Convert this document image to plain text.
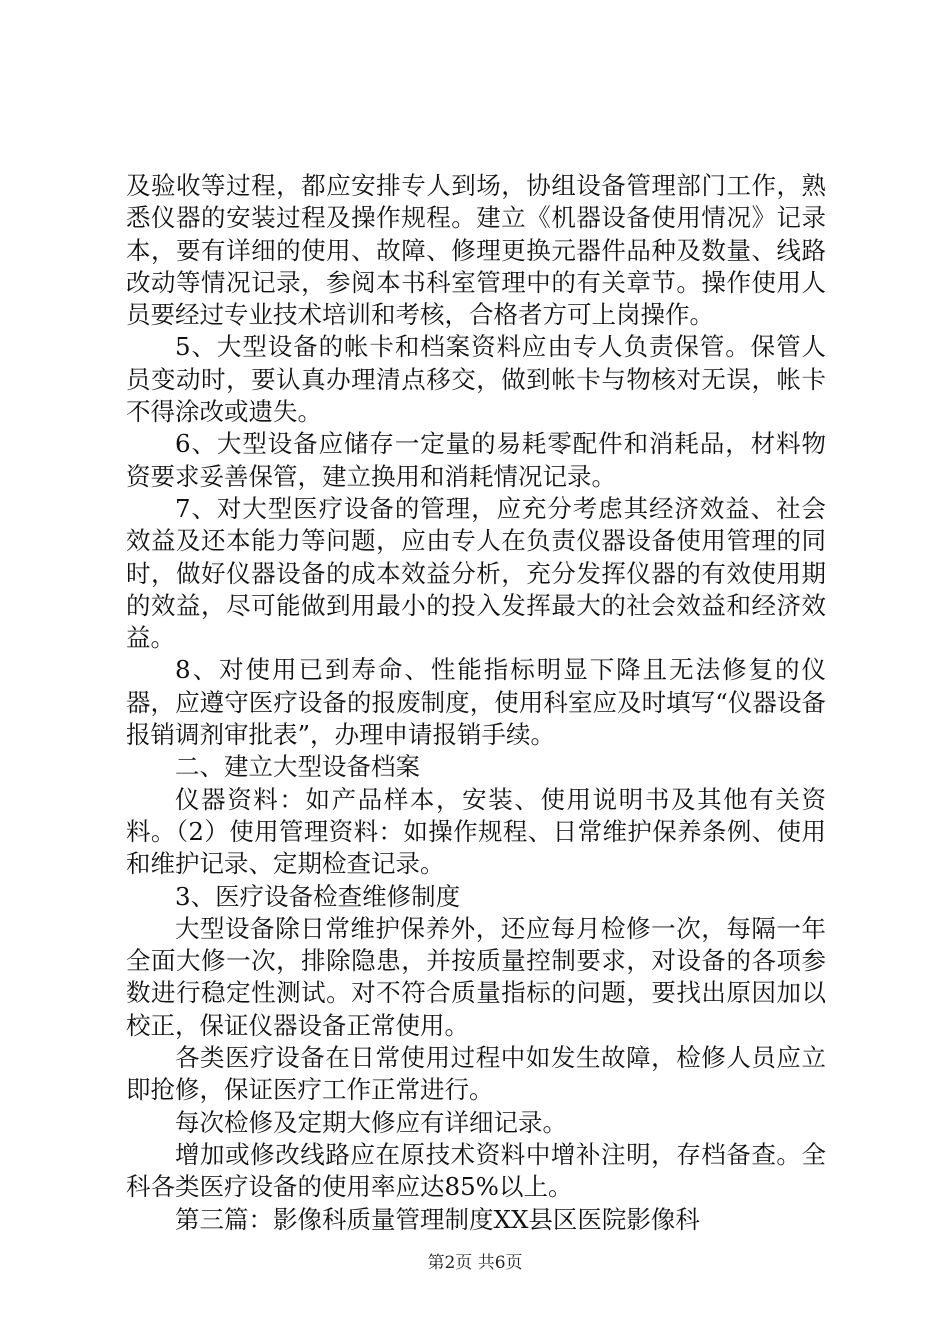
及验收等过程，都应安排专人到场，协组设备管理部门工作，熟悉仪器的安装过程及操作规程。建立《机器设备使用情况》记录本，要有详细的使用、故障、修理更换元器件品种及数量、线路改动等情况记录，参阅本书科室管理中的有关章节。操作使用人员要经过专业技术培训和考核，合格者方可上岗操作。

5、大型设备的帐卡和档案资料应由专人负责保管。保管人员变动时，要认真办理清点移交，做到帐卡与物核对无误，帐卡不得涂改或遗失。

6、大型设备应储存一定量的易耗零配件和消耗品，材料物资要求妥善保管，建立换用和消耗情况记录。

7、对大型医疗设备的管理，应充分考虑其经济效益、社会效益及还本能力等问题，应由专人在负责仪器设备使用管理的同时，做好仪器设备的成本效益分析，充分发挥仪器的有效使用期的效益，尽可能做到用最小的投入发挥最大的社会效益和经济效益。

8、对使用已到寿命、性能指标明显下降且无法修复的仪器，应遵守医疗设备的报废制度，使用科室应及时填写“仪器设备报销调剂审批表”，办理申请报销手续。

二、建立大型设备档案

仪器资料：如产品样本，安装、使用说明书及其他有关资料。（2）使用管理资料：如操作规程、日常维护保养条例、使用和维护记录、定期检查记录。

3、医疗设备检查维修制度

大型设备除日常维护保养外，还应每月检修一次，每隔一年全面大修一次，排除隐患，并按质量控制要求，对设备的各项参数进行稳定性测试。对不符合质量指标的问题，要找出原因加以校正，保证仪器设备正常使用。

各类医疗设备在日常使用过程中如发生故障，检修人员应立即抢修，保证医疗工作正常进行。

每次检修及定期大修应有详细记录。

增加或修改线路应在原技术资料中增补注明，存档备查。全科各类医疗设备的使用率应达85%以上。

第三篇：影像科质量管理制度XX县区医院影像科

第2页 共6页
